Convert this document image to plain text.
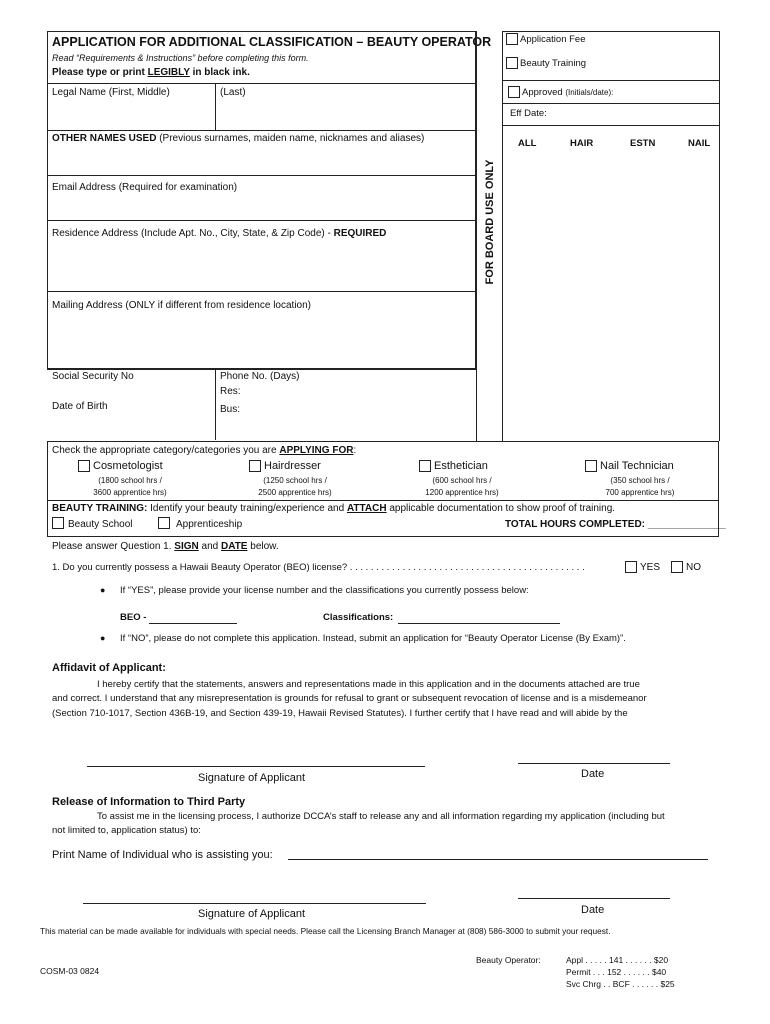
APPLICATION FOR ADDITIONAL CLASSIFICATION – BEAUTY OPERATOR
Read “Requirements & Instructions” before completing this form.
Please type or print LEGIBLY in black ink.
Legal Name (First, Middle)	(Last)
OTHER NAMES USED (Previous surnames, maiden name, nicknames and aliases)
Email Address (Required for examination)
Residence Address (Include Apt. No., City, State, & Zip Code) - REQUIRED
Mailing Address (ONLY if different from residence location)
Social Security No
Date of Birth
Phone No. (Days)
Res:
Bus:
FOR BOARD USE ONLY
Application Fee
Beauty Training
Approved (Initials/date):
Eff Date:
ALL	HAIR	ESTN	NAIL
Check the appropriate category/categories you are APPLYING FOR:
Cosmetologist
(1800 school hrs /
3600 apprentice hrs)
Hairdresser
(1250 school hrs /
2500 apprentice hrs)
Esthetician
(600 school hrs /
1200 apprentice hrs)
Nail Technician
(350 school hrs /
700 apprentice hrs)
BEAUTY TRAINING: Identify your beauty training/experience and ATTACH applicable documentation to show proof of training.
Beauty School	Apprenticeship	TOTAL HOURS COMPLETED: ______________
Please answer Question 1. SIGN and DATE below.
1. Do you currently possess a Hawaii Beauty Operator (BEO) license? . . . . . . . . . . . . . . . . . . . . . . . . . . . . . . . . . . . . . . . . . . . . .	YES	NO
● If “YES”, please provide your license number and the classifications you currently possess below:
BEO -	Classifications:
● If “NO”, please do not complete this application. Instead, submit an application for “Beauty Operator License (By Exam)”.
Affidavit of Applicant:
I hereby certify that the statements, answers and representations made in this application and in the documents attached are true
and correct. I understand that any misrepresentation is grounds for refusal to grant or subsequent revocation of license and is a misdemeanor
(Section 710-1017, Section 436B-19, and Section 439-19, Hawaii Revised Statutes). I further certify that I have read and will abide by the
Signature of Applicant	Date
Release of Information to Third Party
To assist me in the licensing process, I authorize DCCA’s staff to release any and all information regarding my application (including but
not limited to, application status) to:
Print Name of Individual who is assisting you:
Signature of Applicant	Date
This material can be made available for individuals with special needs. Please call the Licensing Branch Manager at (808) 586-3000 to submit your request.
COSM-03 0824
Beauty Operator:	Appl . . . . . 141 . . . . . . $20
Permit . . . 152 . . . . . . $40
Svc Chrg . . BCF . . . . . . $25
